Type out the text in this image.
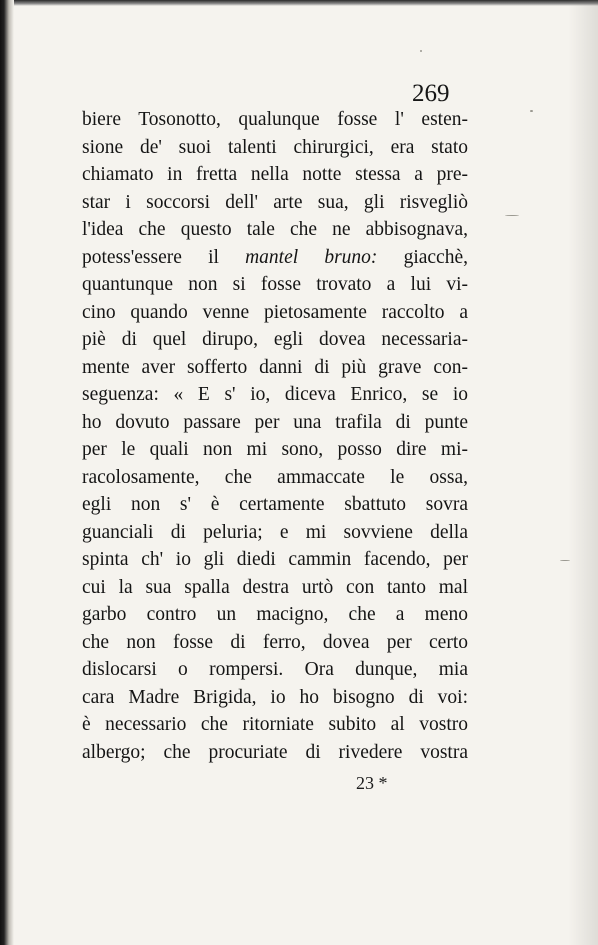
269

biere Tosonotto, qualunque fosse l' esten-
sione de' suoi talenti chirurgici, era stato
chiamato in fretta nella notte stessa a pre-
star i soccorsi dell' arte sua, gli risvegliò
l'idea che questo tale che ne abbisognava,
potess'essere il mantel bruno: giacchè,
quantunque non si fosse trovato a lui vi-
cino quando venne pietosamente raccolto a
piè di quel dirupo, egli dovea necessaria-
mente aver sofferto danni di più grave con-
seguenza: « E s' io, diceva Enrico, se io
ho dovuto passare per una trafila di punte
per le quali non mi sono, posso dire mi-
racolosamente, che ammaccate le ossa,
egli non s' è certamente sbattuto sovra
guanciali di peluria; e mi sovviene della
spinta ch' io gli diedi cammin facendo, per
cui la sua spalla destra urtò con tanto mal
garbo contro un macigno, che a meno
che non fosse di ferro, dovea per certo
dislocarsi o rompersi. Ora dunque, mia
cara Madre Brigida, io ho bisogno di voi:
è necessario che ritorniate subito al vostro
albergo; che procuriate di rivedere vostra

23 *
